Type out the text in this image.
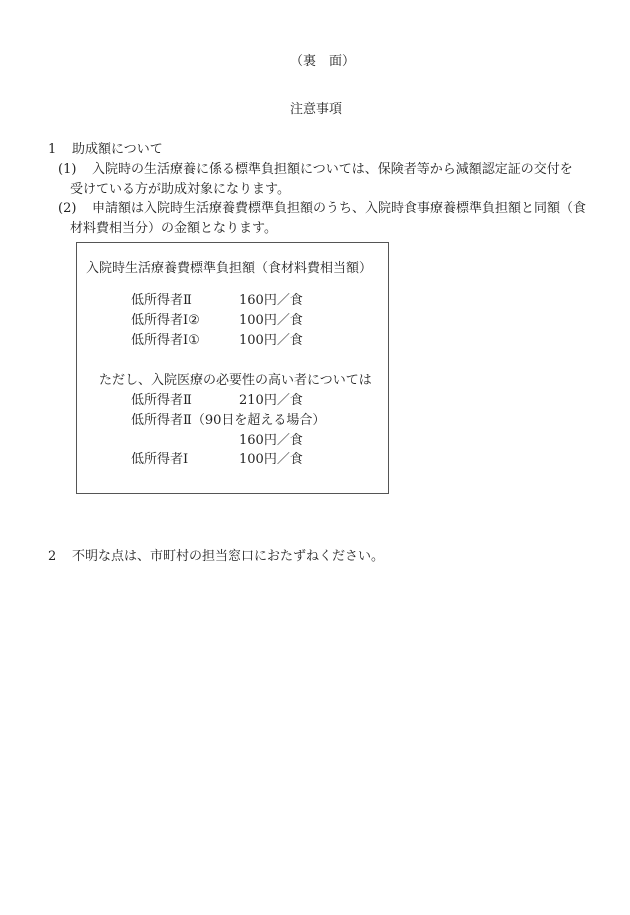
（裏　面）
注意事項
1 助成額について
(1) 入院時の生活療養に係る標準負担額については、保険者等から減額認定証の交付を
受けている方が助成対象になります。
(2) 申請額は入院時生活療養費標準負担額のうち、入院時食事療養標準負担額と同額（食
材料費相当分）の金額となります。
入院時生活療養費標準負担額（食材料費相当額）
低所得者Ⅱ	160円／食
低所得者Ⅰ②	100円／食
低所得者Ⅰ①	100円／食
ただし、入院医療の必要性の高い者については
低所得者Ⅱ	210円／食
低所得者Ⅱ（90日を超える場合）
160円／食
低所得者Ⅰ	100円／食
2 不明な点は、市町村の担当窓口におたずねください。
